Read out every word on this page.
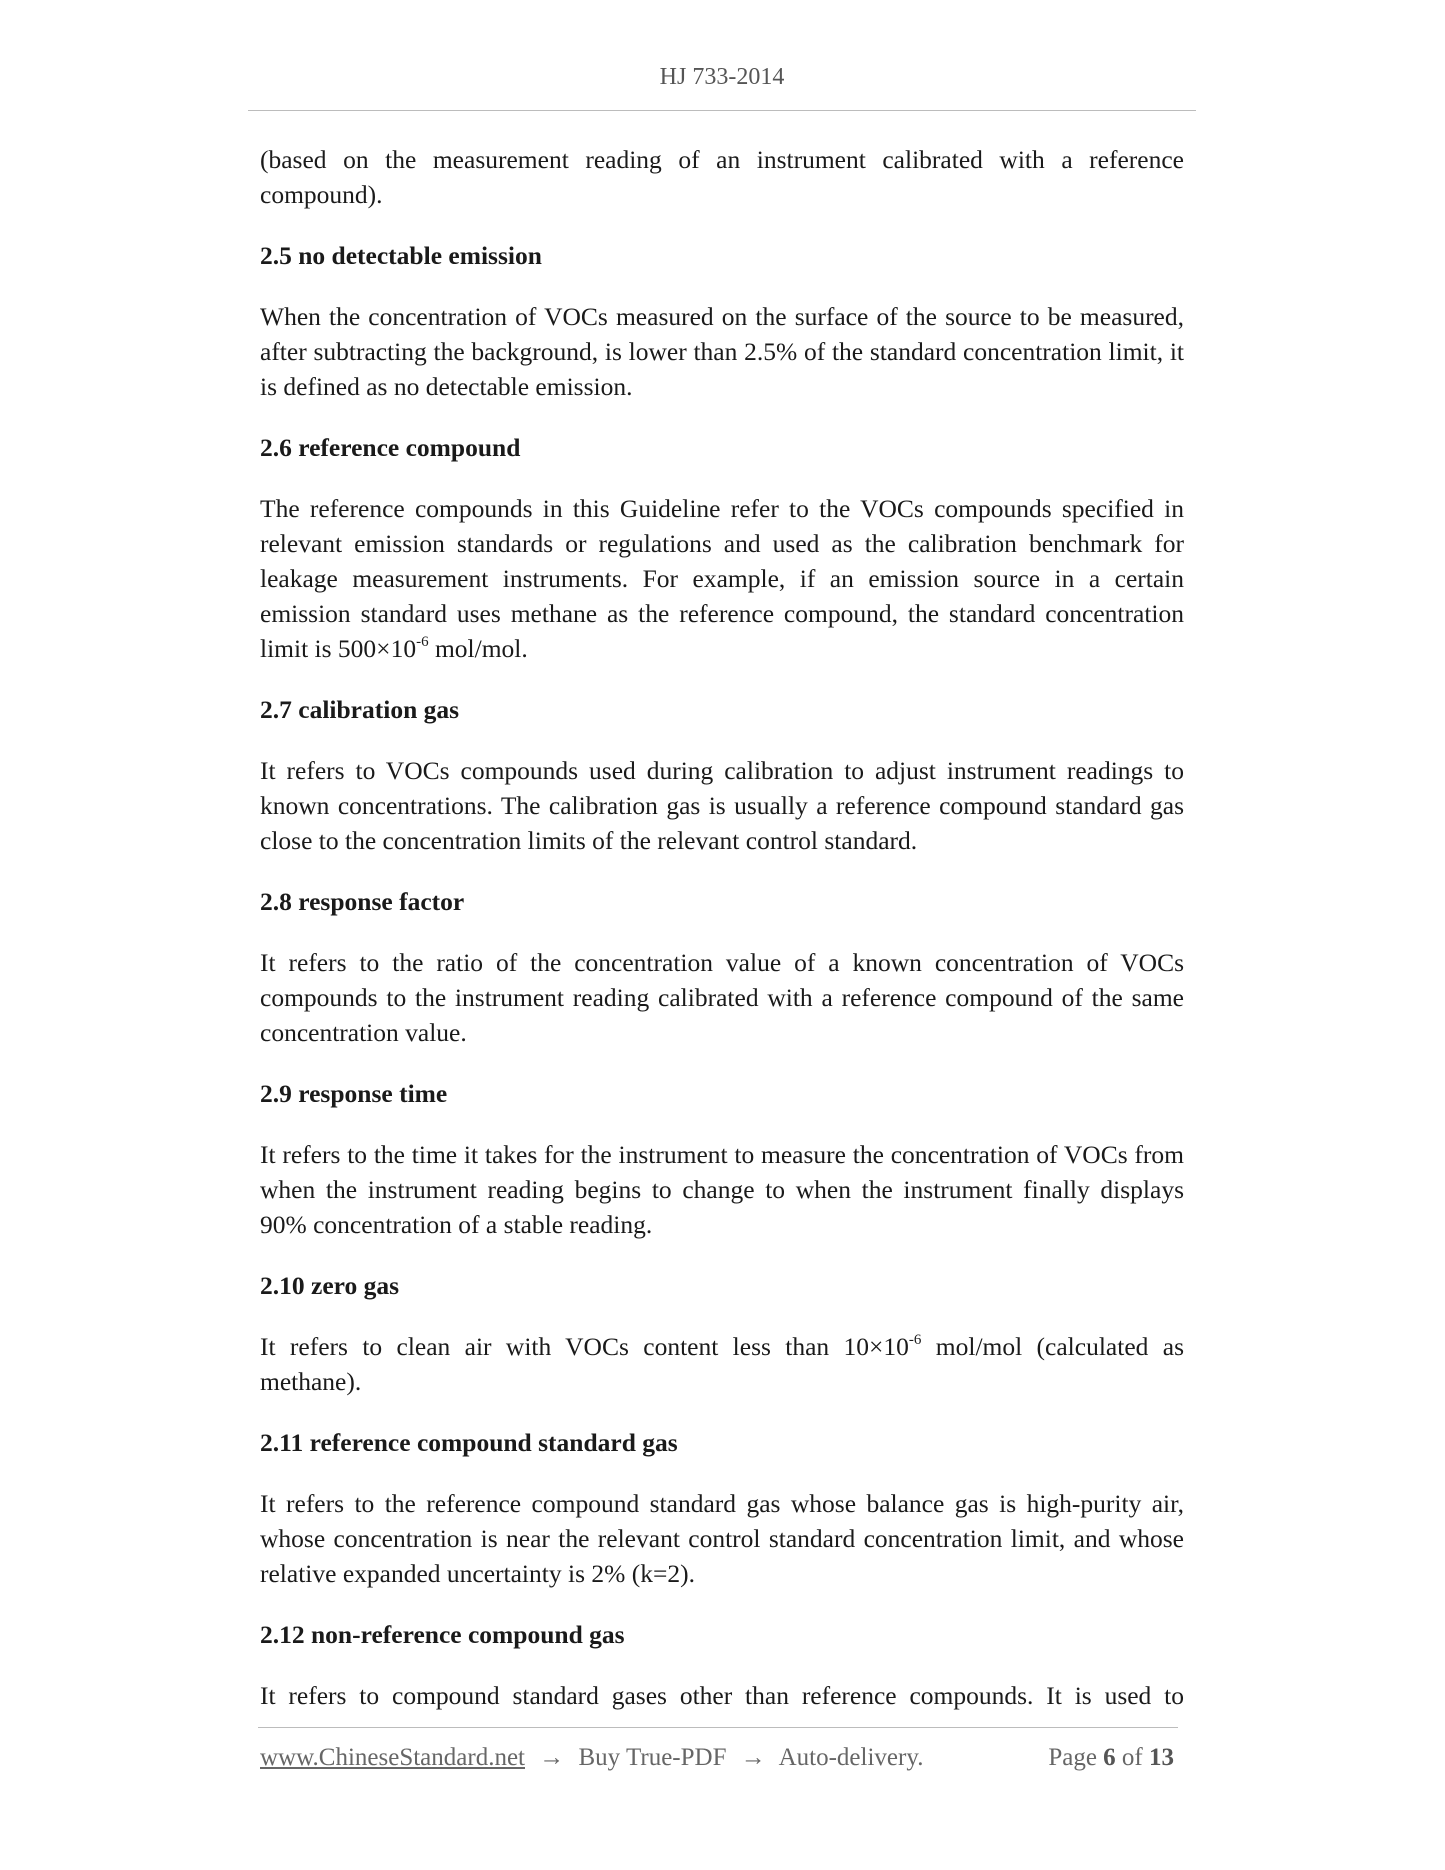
HJ 733-2014

(based on the measurement reading of an instrument calibrated with a reference compound).

2.5 no detectable emission

When the concentration of VOCs measured on the surface of the source to be measured, after subtracting the background, is lower than 2.5% of the standard concentration limit, it is defined as no detectable emission.

2.6 reference compound

The reference compounds in this Guideline refer to the VOCs compounds specified in relevant emission standards or regulations and used as the calibration benchmark for leakage measurement instruments. For example, if an emission source in a certain emission standard uses methane as the reference compound, the standard concentration limit is $500\times 10^{-6}$ mol/mol.

2.7 calibration gas

It refers to VOCs compounds used during calibration to adjust instrument readings to known concentrations. The calibration gas is usually a reference compound standard gas close to the concentration limits of the relevant control standard.

2.8 response factor

It refers to the ratio of the concentration value of a known concentration of VOCs compounds to the instrument reading calibrated with a reference compound of the same concentration value.

2.9 response time

It refers to the time it takes for the instrument to measure the concentration of VOCs from when the instrument reading begins to change to when the instrument finally displays 90% concentration of a stable reading.

2.10 zero gas

It refers to clean air with VOCs content less than $10\times 10^{-6}$ mol/mol (calculated as methane).

2.11 reference compound standard gas

It refers to the reference compound standard gas whose balance gas is high-purity air, whose concentration is near the relevant control standard concentration limit, and whose relative expanded uncertainty is 2% (k=2).

2.12 non-reference compound gas

It refers to compound standard gases other than reference compounds. It is used to

www.ChineseStandard.net → Buy True-PDF → Auto-delivery.	Page 6 of 13
